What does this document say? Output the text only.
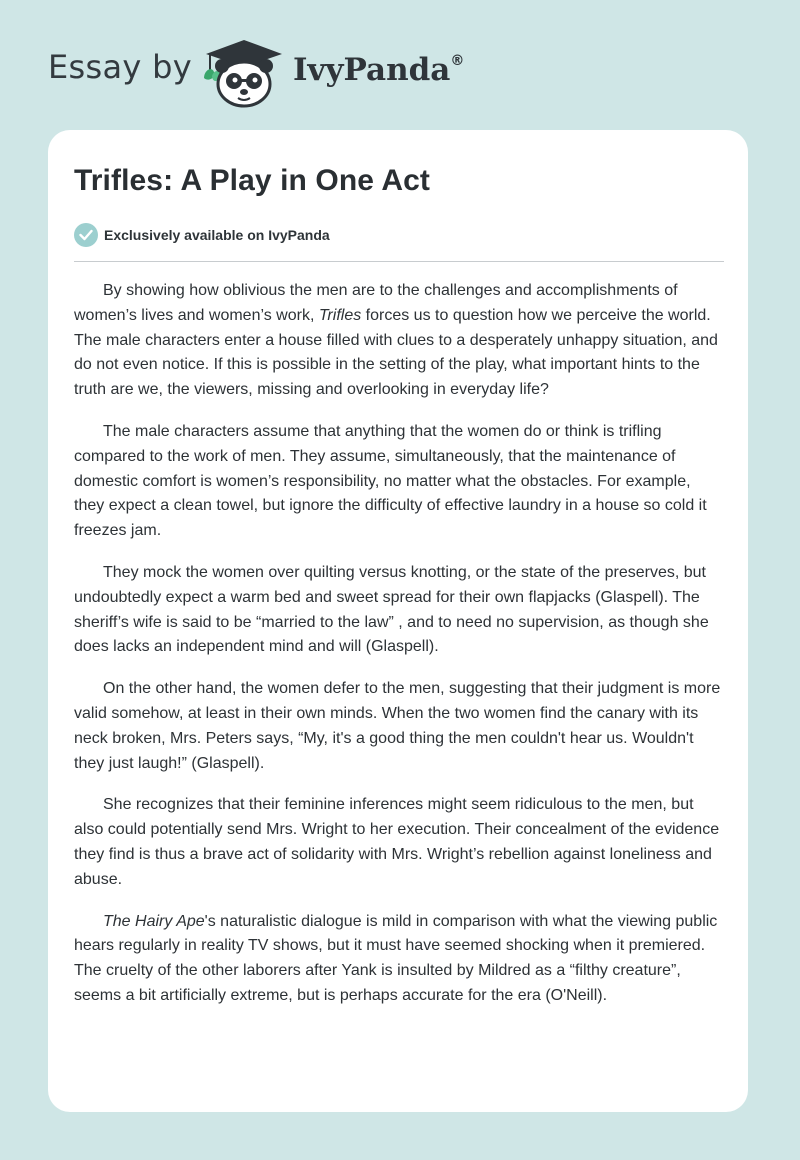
Essay by	IvyPanda®
Trifles: A Play in One Act
Exclusively available on IvyPanda

By showing how oblivious the men are to the challenges and accomplishments of women’s lives and women’s work, Trifles forces us to question how we perceive the world. The male characters enter a house filled with clues to a desperately unhappy situation, and do not even notice. If this is possible in the setting of the play, what important hints to the truth are we, the viewers, missing and overlooking in everyday life?

The male characters assume that anything that the women do or think is trifling compared to the work of men. They assume, simultaneously, that the maintenance of domestic comfort is women’s responsibility, no matter what the obstacles. For example, they expect a clean towel, but ignore the difficulty of effective laundry in a house so cold it freezes jam.

They mock the women over quilting versus knotting, or the state of the preserves, but undoubtedly expect a warm bed and sweet spread for their own flapjacks (Glaspell). The sheriff’s wife is said to be “married to the law” , and to need no supervision, as though she does lacks an independent mind and will (Glaspell).

On the other hand, the women defer to the men, suggesting that their judgment is more valid somehow, at least in their own minds. When the two women find the canary with its neck broken, Mrs. Peters says, “My, it's a good thing the men couldn't hear us. Wouldn't they just laugh!” (Glaspell).

She recognizes that their feminine inferences might seem ridiculous to the men, but also could potentially send Mrs. Wright to her execution. Their concealment of the evidence they find is thus a brave act of solidarity with Mrs. Wright’s rebellion against loneliness and abuse.

The Hairy Ape's naturalistic dialogue is mild in comparison with what the viewing public hears regularly in reality TV shows, but it must have seemed shocking when it premiered. The cruelty of the other laborers after Yank is insulted by Mildred as a “filthy creature”, seems a bit artificially extreme, but is perhaps accurate for the era (O'Neill).
